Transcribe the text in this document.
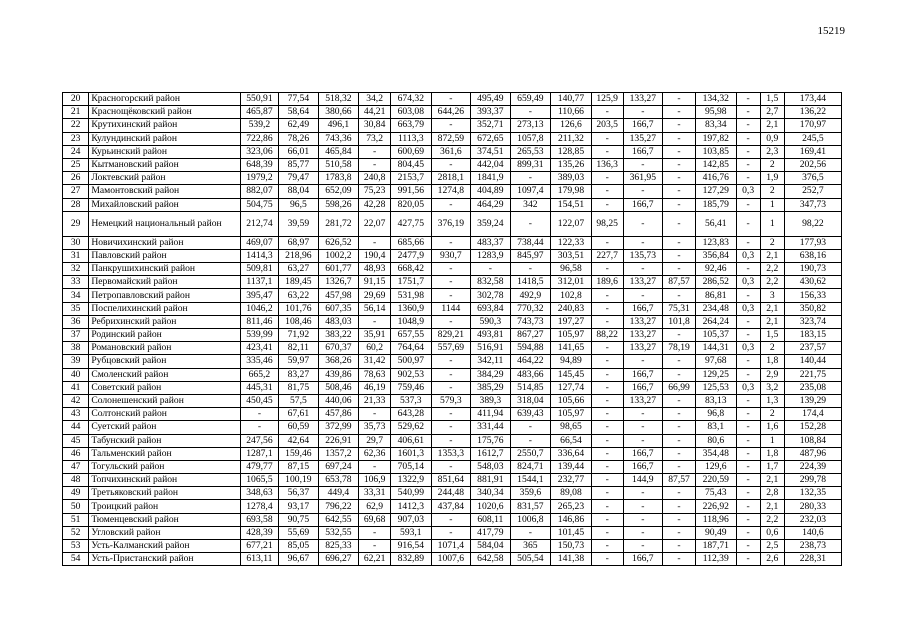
15219
20	Красногорский район	550,91	77,54	518,32	34,2	674,32	-	495,49	659,49	140,77	125,9	133,27	-	134,32	-	1,5	173,44
21	Краснощёковский район	465,87	58,64	380,66	44,21	603,08	644,26	393,37	-	110,66	-	-	-	95,98	-	2,7	136,22
22	Крутихинский район	539,2	62,49	496,1	30,84	663,79	-	352,71	273,13	126,6	203,5	166,7	-	83,34	-	2,1	170,97
23	Кулундинский район	722,86	78,26	743,36	73,2	1113,3	872,59	672,65	1057,8	211,32	-	135,27	-	197,82	-	0,9	245,5
24	Курьинский район	323,06	66,01	465,84	-	600,69	361,6	374,51	265,53	128,85	-	166,7	-	103,85	-	2,3	169,41
25	Кытмановский район	648,39	85,77	510,58	-	804,45	-	442,04	899,31	135,26	136,3	-	-	142,85	-	2	202,56
26	Локтевский район	1979,2	79,47	1783,8	240,8	2153,7	2818,1	1841,9	-	389,03	-	361,95	-	416,76	-	1,9	376,5
27	Мамонтовский район	882,07	88,04	652,09	75,23	991,56	1274,8	404,89	1097,4	179,98	-	-	-	127,29	0,3	2	252,7
28	Михайловский район	504,75	96,5	598,26	42,28	820,05	-	464,29	342	154,51	-	166,7	-	185,79	-	1	347,73
29	Немецкий национальный район	212,74	39,59	281,72	22,07	427,75	376,19	359,24	-	122,07	98,25	-	-	56,41	-	1	98,22
30	Новичихинский район	469,07	68,97	626,52	-	685,66	-	483,37	738,44	122,33	-	-	-	123,83	-	2	177,93
31	Павловский район	1414,3	218,96	1002,2	190,4	2477,9	930,7	1283,9	845,97	303,51	227,7	135,73	-	356,84	0,3	2,1	638,16
32	Панкрушихинский район	509,81	63,27	601,77	48,93	668,42	-	-	-	96,58	-	-	-	92,46	-	2,2	190,73
33	Первомайский район	1137,1	189,45	1326,7	91,15	1751,7	-	832,58	1418,5	312,01	189,6	133,27	87,57	286,52	0,3	2,2	430,62
34	Петропавловский район	395,47	63,22	457,98	29,69	531,98	-	302,78	492,9	102,8	-	-	-	86,81	-	3	156,33
35	Поспелихинский район	1046,2	101,76	607,35	56,14	1360,9	1144	693,84	770,32	240,83	-	166,7	75,31	234,48	0,3	2,1	350,82
36	Ребрихинский район	811,46	108,46	483,03	-	1048,9	-	590,3	743,73	197,27	-	133,27	101,8	264,24	-	2,1	323,74
37	Родинский район	539,99	71,92	383,22	35,91	657,55	829,21	493,81	867,27	105,97	88,22	133,27	-	105,37	-	1,5	183,15
38	Романовский район	423,41	82,11	670,37	60,2	764,64	557,69	516,91	594,88	141,65	-	133,27	78,19	144,31	0,3	2	237,57
39	Рубцовский район	335,46	59,97	368,26	31,42	500,97	-	342,11	464,22	94,89	-	-	-	97,68	-	1,8	140,44
40	Смоленский район	665,2	83,27	439,86	78,63	902,53	-	384,29	483,66	145,45	-	166,7	-	129,25	-	2,9	221,75
41	Советский район	445,31	81,75	508,46	46,19	759,46	-	385,29	514,85	127,74	-	166,7	66,99	125,53	0,3	3,2	235,08
42	Солонешенский район	450,45	57,5	440,06	21,33	537,3	579,3	389,3	318,04	105,66	-	133,27	-	83,13	-	1,3	139,29
43	Солтонский район	-	67,61	457,86	-	643,28	-	411,94	639,43	105,97	-	-	-	96,8	-	2	174,4
44	Суетский район	-	60,59	372,99	35,73	529,62	-	331,44	-	98,65	-	-	-	83,1	-	1,6	152,28
45	Табунский район	247,56	42,64	226,91	29,7	406,61	-	175,76	-	66,54	-	-	-	80,6	-	1	108,84
46	Тальменский район	1287,1	159,46	1357,2	62,36	1601,3	1353,3	1612,7	2550,7	336,64	-	166,7	-	354,48	-	1,8	487,96
47	Тогульский район	479,77	87,15	697,24	-	705,14	-	548,03	824,71	139,44	-	166,7	-	129,6	-	1,7	224,39
48	Топчихинский район	1065,5	100,19	653,78	106,9	1322,9	851,64	881,91	1544,1	232,77	-	144,9	87,57	220,59	-	2,1	299,78
49	Третьяковский район	348,63	56,37	449,4	33,31	540,99	244,48	340,34	359,6	89,08	-	-	-	75,43	-	2,8	132,35
50	Троицкий район	1278,4	93,17	796,22	62,9	1412,3	437,84	1020,6	831,57	265,23	-	-	-	226,92	-	2,1	280,33
51	Тюменцевский район	693,58	90,75	642,55	69,68	907,03	-	608,11	1006,8	146,86	-	-	-	118,96	-	2,2	232,03
52	Угловский район	428,39	55,69	532,55	-	593,1	-	417,79	-	101,45	-	-	-	90,49	-	0,6	140,6
53	Усть-Калманский район	677,21	85,05	825,33	-	916,54	1071,4	584,04	365	150,73	-	-	-	187,71	-	2,5	238,73
54	Усть-Пристанский район	613,11	96,67	696,27	62,21	832,89	1007,6	642,58	505,54	141,38	-	166,7	-	112,39	-	2,6	228,31
